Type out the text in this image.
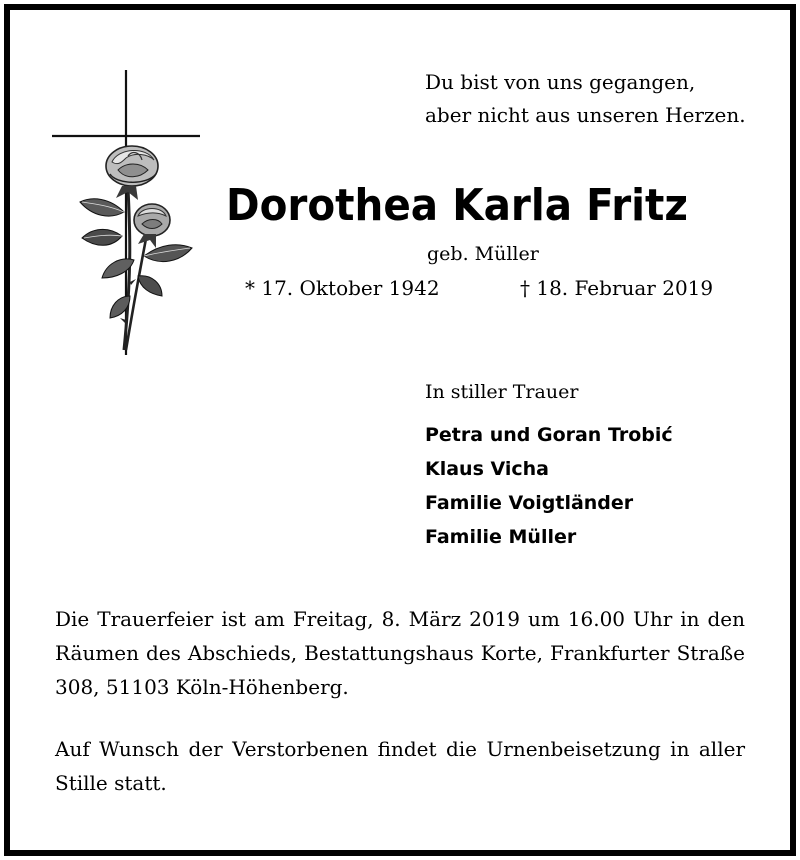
Du bist von uns gegangen,
aber nicht aus unseren Herzen.
Dorothea Karla Fritz
geb. Müller
* 17. Oktober 1942	† 18. Februar 2019
In stiller Trauer
Petra und Goran Trobić
Klaus Vicha
Familie Voigtländer
Familie Müller
Die Trauerfeier ist am Freitag, 8. März 2019 um 16.00 Uhr in den Räumen des Abschieds, Bestattungshaus Korte, Frankfurter Straße 308, 51103 Köln-Höhenberg.
Auf Wunsch der Verstorbenen findet die Urnenbeisetzung in aller Stille statt.
